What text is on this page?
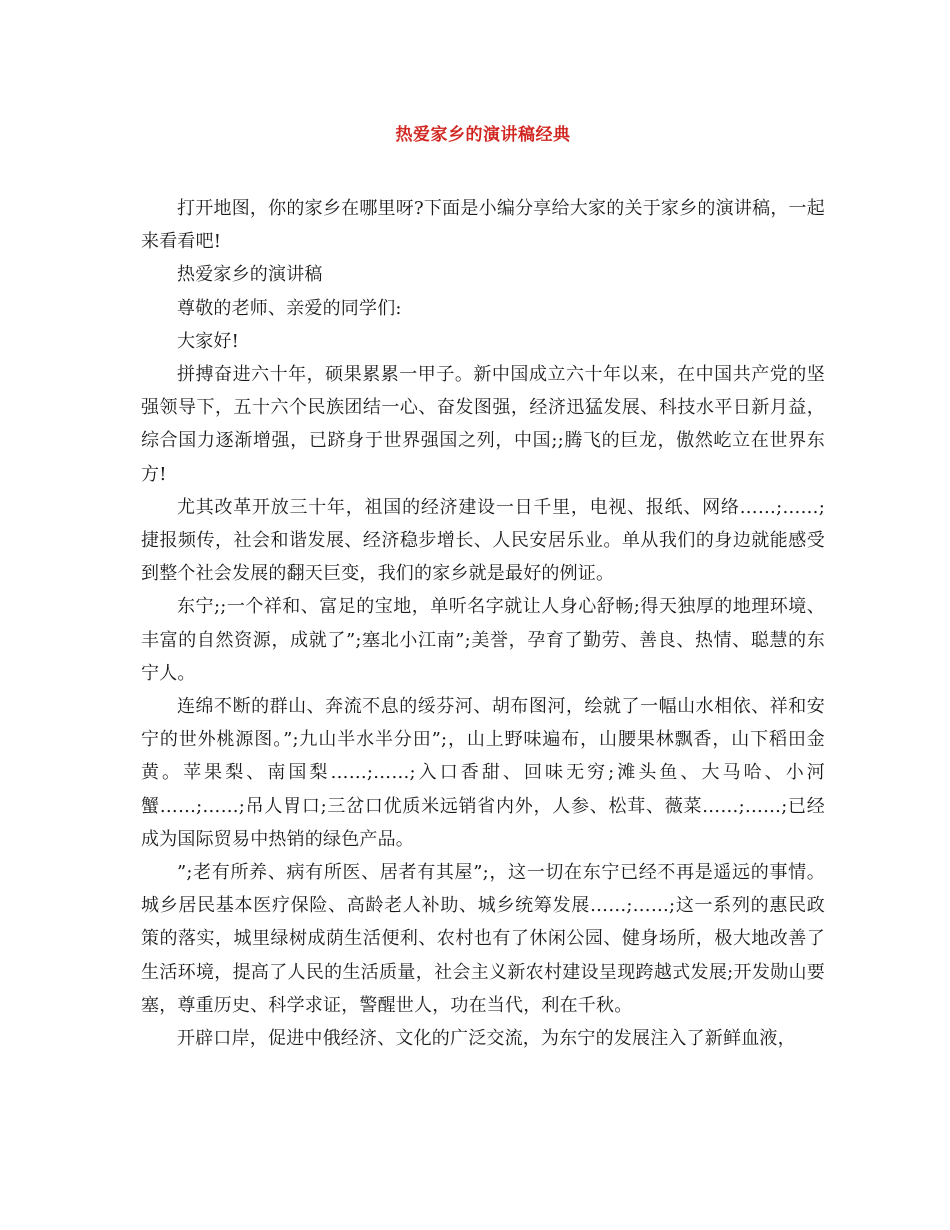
热爱家乡的演讲稿经典

打开地图，你的家乡在哪里呀?下面是小编分享给大家的关于家乡的演讲稿，一起来看看吧!

热爱家乡的演讲稿

尊敬的老师、亲爱的同学们:

大家好!

拼搏奋进六十年，硕果累累一甲子。新中国成立六十年以来，在中国共产党的坚强领导下，五十六个民族团结一心、奋发图强，经济迅猛发展、科技水平日新月益，综合国力逐渐增强，已跻身于世界强国之列，中国;;腾飞的巨龙，傲然屹立在世界东方!

尤其改革开放三十年，祖国的经济建设一日千里，电视、报纸、网络……;……;捷报频传，社会和谐发展、经济稳步增长、人民安居乐业。单从我们的身边就能感受到整个社会发展的翻天巨变，我们的家乡就是最好的例证。

东宁;;一个祥和、富足的宝地，单听名字就让人身心舒畅;得天独厚的地理环境、丰富的自然资源，成就了”;塞北小江南”;美誉，孕育了勤劳、善良、热情、聪慧的东宁人。

连绵不断的群山、奔流不息的绥芬河、胡布图河，绘就了一幅山水相依、祥和安宁的世外桃源图。”;九山半水半分田”;，山上野味遍布，山腰果林飘香，山下稻田金黄。苹果梨、南国梨……;……;入口香甜、回味无穷;滩头鱼、大马哈、小河蟹……;……;吊人胃口;三岔口优质米远销省内外，人参、松茸、薇菜……;……;已经成为国际贸易中热销的绿色产品。

”;老有所养、病有所医、居者有其屋”;，这一切在东宁已经不再是遥远的事情。城乡居民基本医疗保险、高龄老人补助、城乡统筹发展……;……;这一系列的惠民政策的落实，城里绿树成荫生活便利、农村也有了休闲公园、健身场所，极大地改善了生活环境，提高了人民的生活质量，社会主义新农村建设呈现跨越式发展;开发勋山要塞，尊重历史、科学求证，警醒世人，功在当代，利在千秋。

开辟口岸，促进中俄经济、文化的广泛交流，为东宁的发展注入了新鲜血液，
